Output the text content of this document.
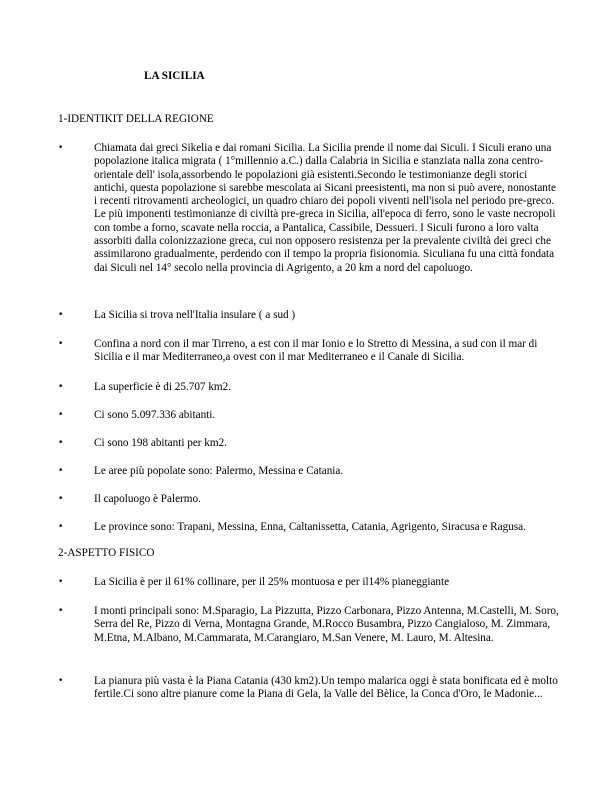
LA SICILIA
1-IDENTIKIT DELLA REGIONE
•	Chiamata dai greci Sikelia e dai romani Sicilia. La Sicilia prende il nome dai Siculi. I Siculi erano una popolazione italica migrata ( 1°millennio a.C.) dalla Calabria in Sicilia e stanziata nalla zona centro-orientale dell' isola,assorbendo le popolazioni già esistenti.Secondo le testimonianze degli storici antichi, questa popolazione si sarebbe mescolata ai Sicani preesistenti, ma non si può avere, nonostante i recenti ritrovamenti archeologici, un quadro chiaro dei popoli viventi nell'isola nel periodo pre-greco. Le più imponenti testimonianze di civiltà pre-greca in Sicilia, all'epoca di ferro, sono le vaste necropoli con tombe a forno, scavate nella roccia, a Pantalica, Cassibile, Dessueri. I Siculi furono a loro valta assorbiti dalla colonizzazione greca, cui non opposero resistenza per la prevalente civiltà dei greci che assimilarono gradualmente, perdendo con il tempo la propria fisionomia. Siculiana fu una città fondata dai Siculi nel 14° secolo nella provincia di Agrigento, a 20 km a nord del capoluogo.
•	La Sicilia si trova nell'Italia insulare ( a sud )
•	Confina a nord con il mar Tirreno, a est con il mar Ionio e lo Stretto di Messina, a sud con il mar di Sicilia e il mar Mediterraneo,a ovest con il mar Mediterraneo e il Canale di Sicilia.
•	La superficie è di 25.707 km2.
•	Ci sono 5.097.336 abitanti.
•	Ci sono 198 abitanti per km2.
•	Le aree più popolate sono: Palermo, Messina e Catania.
•	Il capoluogo è Palermo.
•	Le province sono: Trapani, Messina, Enna, Caltanissetta, Catania, Agrigento, Siracusa e Ragusa.
2-ASPETTO FISICO
•	La Sicilia è per il 61% collinare, per il 25% montuosa e per il14% pianeggiante
•	I monti principali sono: M.Sparagio, La Pizzutta, Pizzo Carbonara, Pizzo Antenna, M.Castelli, M. Soro, Serra del Re, Pizzo di Verna, Montagna Grande, M.Rocco Busambra, Pizzo Cangialoso, M. Zimmara, M.Etna, M.Albano, M.Cammarata, M.Carangiaro, M.San Venere, M. Lauro, M. Altesina.
•	La pianura più vasta è la Piana Catania (430 km2).Un tempo malarica oggi è stata bonificata ed è molto fertile.Ci sono altre pianure come la Piana di Gela, la Valle del Bèlice, la Conca d'Oro, le Madonie...
